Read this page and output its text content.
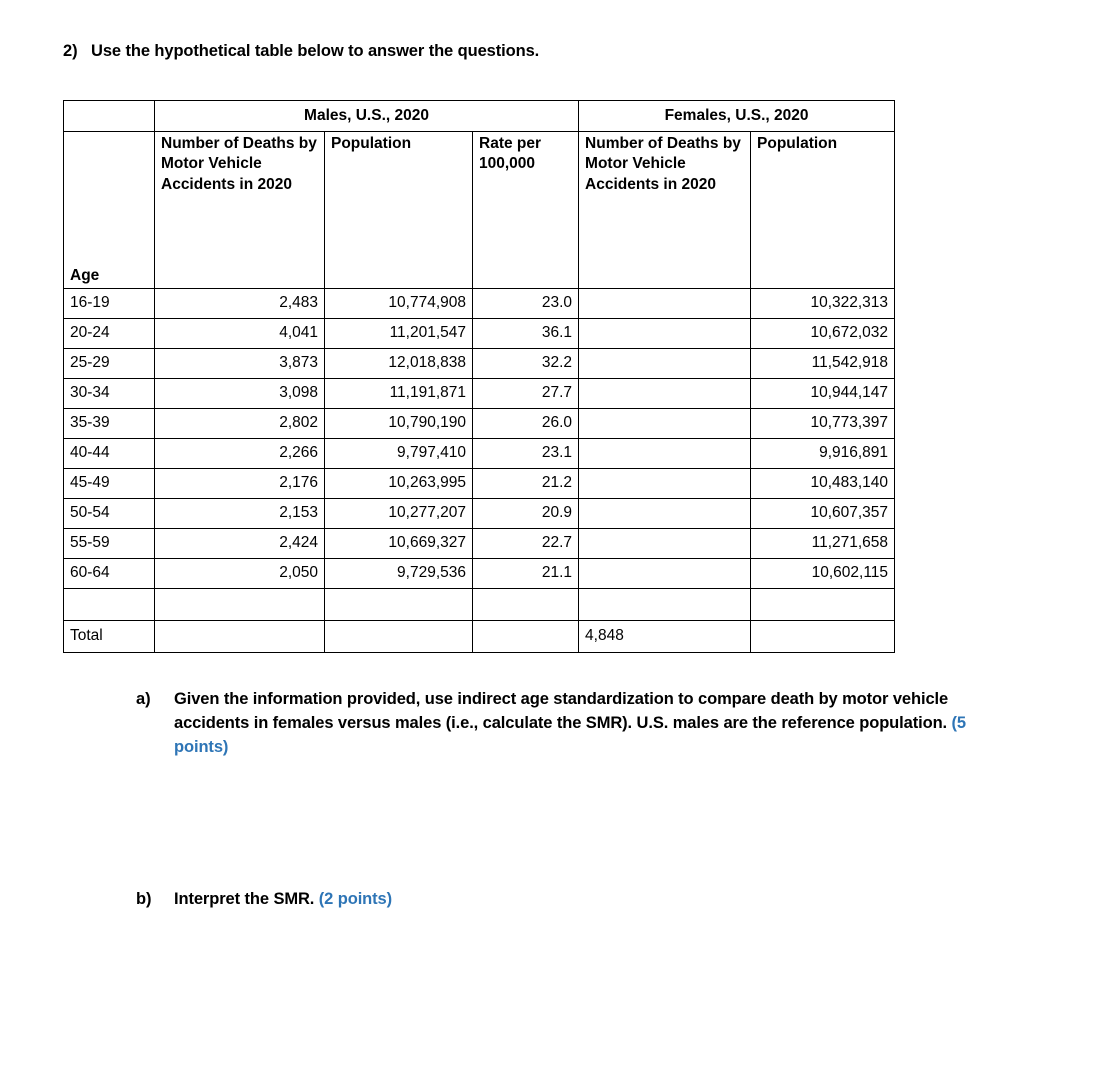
2) Use the hypothetical table below to answer the questions.
	Males, U.S., 2020			Females, U.S., 2020	
Age	Number of Deaths by Motor Vehicle Accidents in 2020	Population	Rate per 100,000	Number of Deaths by Motor Vehicle Accidents in 2020	Population
16-19	2,483	10,774,908	23.0		10,322,313
20-24	4,041	11,201,547	36.1		10,672,032
25-29	3,873	12,018,838	32.2		11,542,918
30-34	3,098	11,191,871	27.7		10,944,147
35-39	2,802	10,790,190	26.0		10,773,397
40-44	2,266	9,797,410	23.1		9,916,891
45-49	2,176	10,263,995	21.2		10,483,140
50-54	2,153	10,277,207	20.9		10,607,357
55-59	2,424	10,669,327	22.7		11,271,658
60-64	2,050	9,729,536	21.1		10,602,115

Total				4,848	
a)	Given the information provided, use indirect age standardization to compare death by motor vehicle accidents in females versus males (i.e., calculate the SMR). U.S. males are the reference population. (5 points)
b)	Interpret the SMR. (2 points)
